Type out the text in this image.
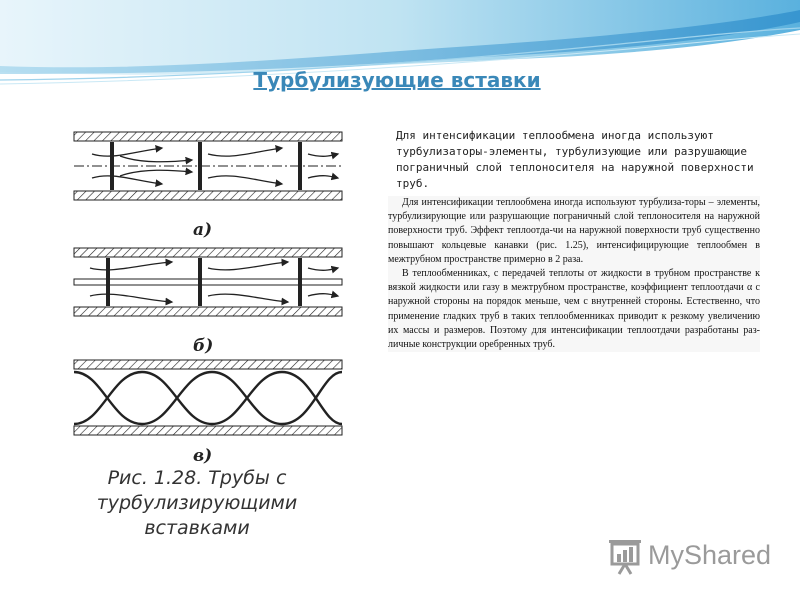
Турбулизующие вставки
а)
б)
в)
Рис. 1.28. Трубы с турбулизирующими
вставками
Для интенсификации теплообмена иногда используют турбулизаторы-элементы, турбулизующие или разрушающие пограничный слой теплоносителя на наружной поверхности труб.

Для интенсификации теплообмена иногда используют турбулиза-торы – элементы, турбулизирующие или разрушающие пограничный слой теплоносителя на наружной поверхности труб. Эффект теплоотда-чи на наружной поверхности труб существенно повышают кольцевые канавки (рис. 1.25), интенсифицирующие теплообмен в межтрубном пространстве примерно в 2 раза.

В теплообменниках, с передачей теплоты от жидкости в трубном пространстве к вязкой жидкости или газу в межтрубном пространстве, коэффициент теплоотдачи α с наружной стороны на порядок меньше, чем с внутренней стороны. Естественно, что применение гладких труб в таких теплообменниках приводит к резкому увеличению их массы и размеров. Поэтому для интенсификации теплоотдачи разработаны раз-личные конструкции оребренных труб.

MyShared
